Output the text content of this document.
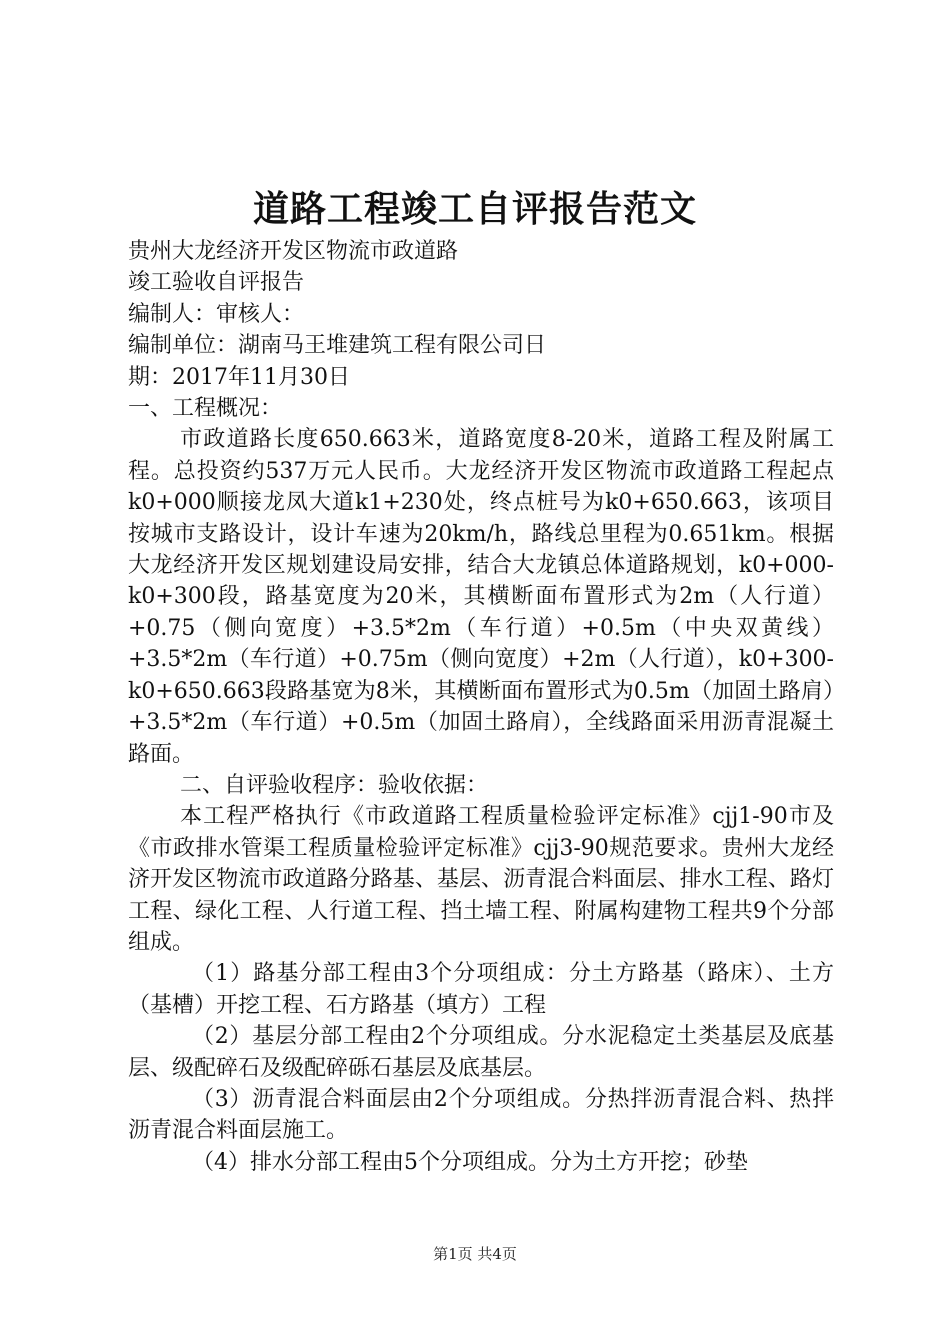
道路工程竣工自评报告范文

贵州大龙经济开发区物流市政道路

竣工验收自评报告

编制人：审核人：

编制单位：湖南马王堆建筑工程有限公司日

期：2017年11月30日

一、工程概况：

市政道路长度650.663米，道路宽度8-20米，道路工程及附属工程。总投资约537万元人民币。大龙经济开发区物流市政道路工程起点k0+000顺接龙凤大道k1+230处，终点桩号为k0+650.663，该项目按城市支路设计，设计车速为20km/h，路线总里程为0.651km。根据大龙经济开发区规划建设局安排，结合大龙镇总体道路规划，k0+000-k0+300段，路基宽度为20米，其横断面布置形式为2m（人行道）+0.75（侧向宽度）+3.5*2m（车行道）+0.5m（中央双黄线）+3.5*2m（车行道）+0.75m（侧向宽度）+2m（人行道），k0+300-k0+650.663段路基宽为8米，其横断面布置形式为0.5m（加固土路肩）+3.5*2m（车行道）+0.5m（加固土路肩），全线路面采用沥青混凝土路面。

二、自评验收程序：验收依据：

本工程严格执行《市政道路工程质量检验评定标准》cjj1-90市及《市政排水管渠工程质量检验评定标准》cjj3-90规范要求。贵州大龙经济开发区物流市政道路分路基、基层、沥青混合料面层、排水工程、路灯工程、绿化工程、人行道工程、挡土墙工程、附属构建物工程共9个分部组成。

（1）路基分部工程由3个分项组成：分土方路基（路床）、土方（基槽）开挖工程、石方路基（填方）工程

（2）基层分部工程由2个分项组成。分水泥稳定土类基层及底基层、级配碎石及级配碎砾石基层及底基层。

（3）沥青混合料面层由2个分项组成。分热拌沥青混合料、热拌沥青混合料面层施工。

（4）排水分部工程由5个分项组成。分为土方开挖；砂垫

第1页 共4页
